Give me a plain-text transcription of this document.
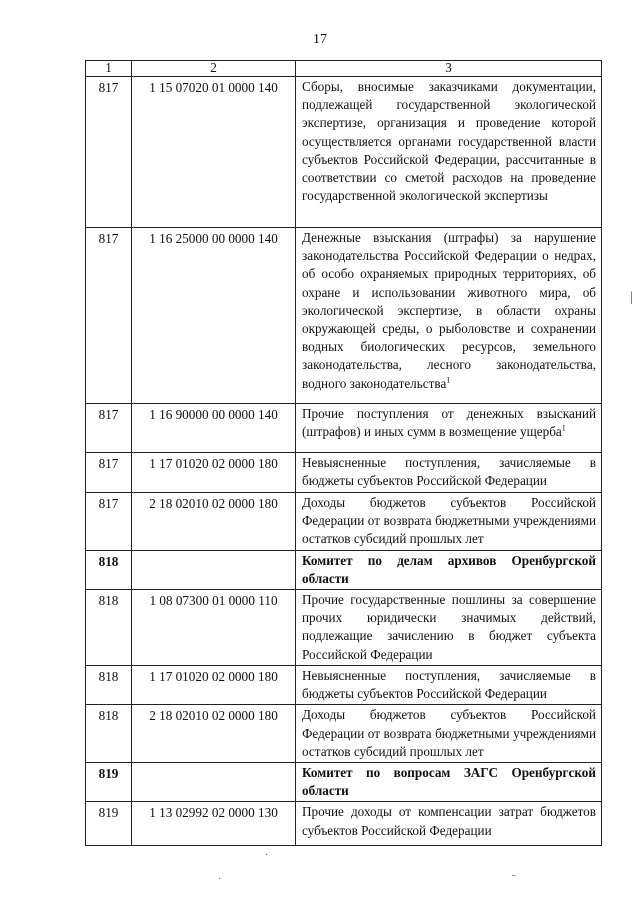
17
1	2	3
817	1 15 07020 01 0000 140	Сборы, вносимые заказчиками документации, подлежащей государственной экологической экспертизе, организация и проведение которой осуществляется органами государственной власти субъектов Российской Федерации, рассчитанные в соответствии со сметой расходов на проведение государственной экологической экспертизы
817	1 16 25000 00 0000 140	Денежные взыскания (штрафы) за нарушение законодательства Российской Федерации о недрах, об особо охраняемых природных территориях, об охране и использовании животного мира, об экологической экспертизе, в области охраны окружающей среды, о рыболовстве и сохранении водных биологических ресурсов, земельного законодательства, лесного законодательства, водного законодательства$^1$
817	1 16 90000 00 0000 140	Прочие поступления от денежных взысканий (штрафов) и иных сумм в возмещение ущерба$^1$
817	1 17 01020 02 0000 180	Невыясненные поступления, зачисляемые в бюджеты субъектов Российской Федерации
817	2 18 02010 02 0000 180	Доходы бюджетов субъектов Российской Федерации от возврата бюджетными учреждениями остатков субсидий прошлых лет
818		Комитет по делам архивов Оренбургской области
818	1 08 07300 01 0000 110	Прочие государственные пошлины за совершение прочих юридически значимых действий, подлежащие зачислению в бюджет субъекта Российской Федерации
818	1 17 01020 02 0000 180	Невыясненные поступления, зачисляемые в бюджеты субъектов Российской Федерации
818	2 18 02010 02 0000 180	Доходы бюджетов субъектов Российской Федерации от возврата бюджетными учреждениями остатков субсидий прошлых лет
819		Комитет по вопросам ЗАГС Оренбургской области
819	1 13 02992 02 0000 130	Прочие доходы от компенсации затрат бюджетов субъектов Российской Федерации
·
·	-
|
